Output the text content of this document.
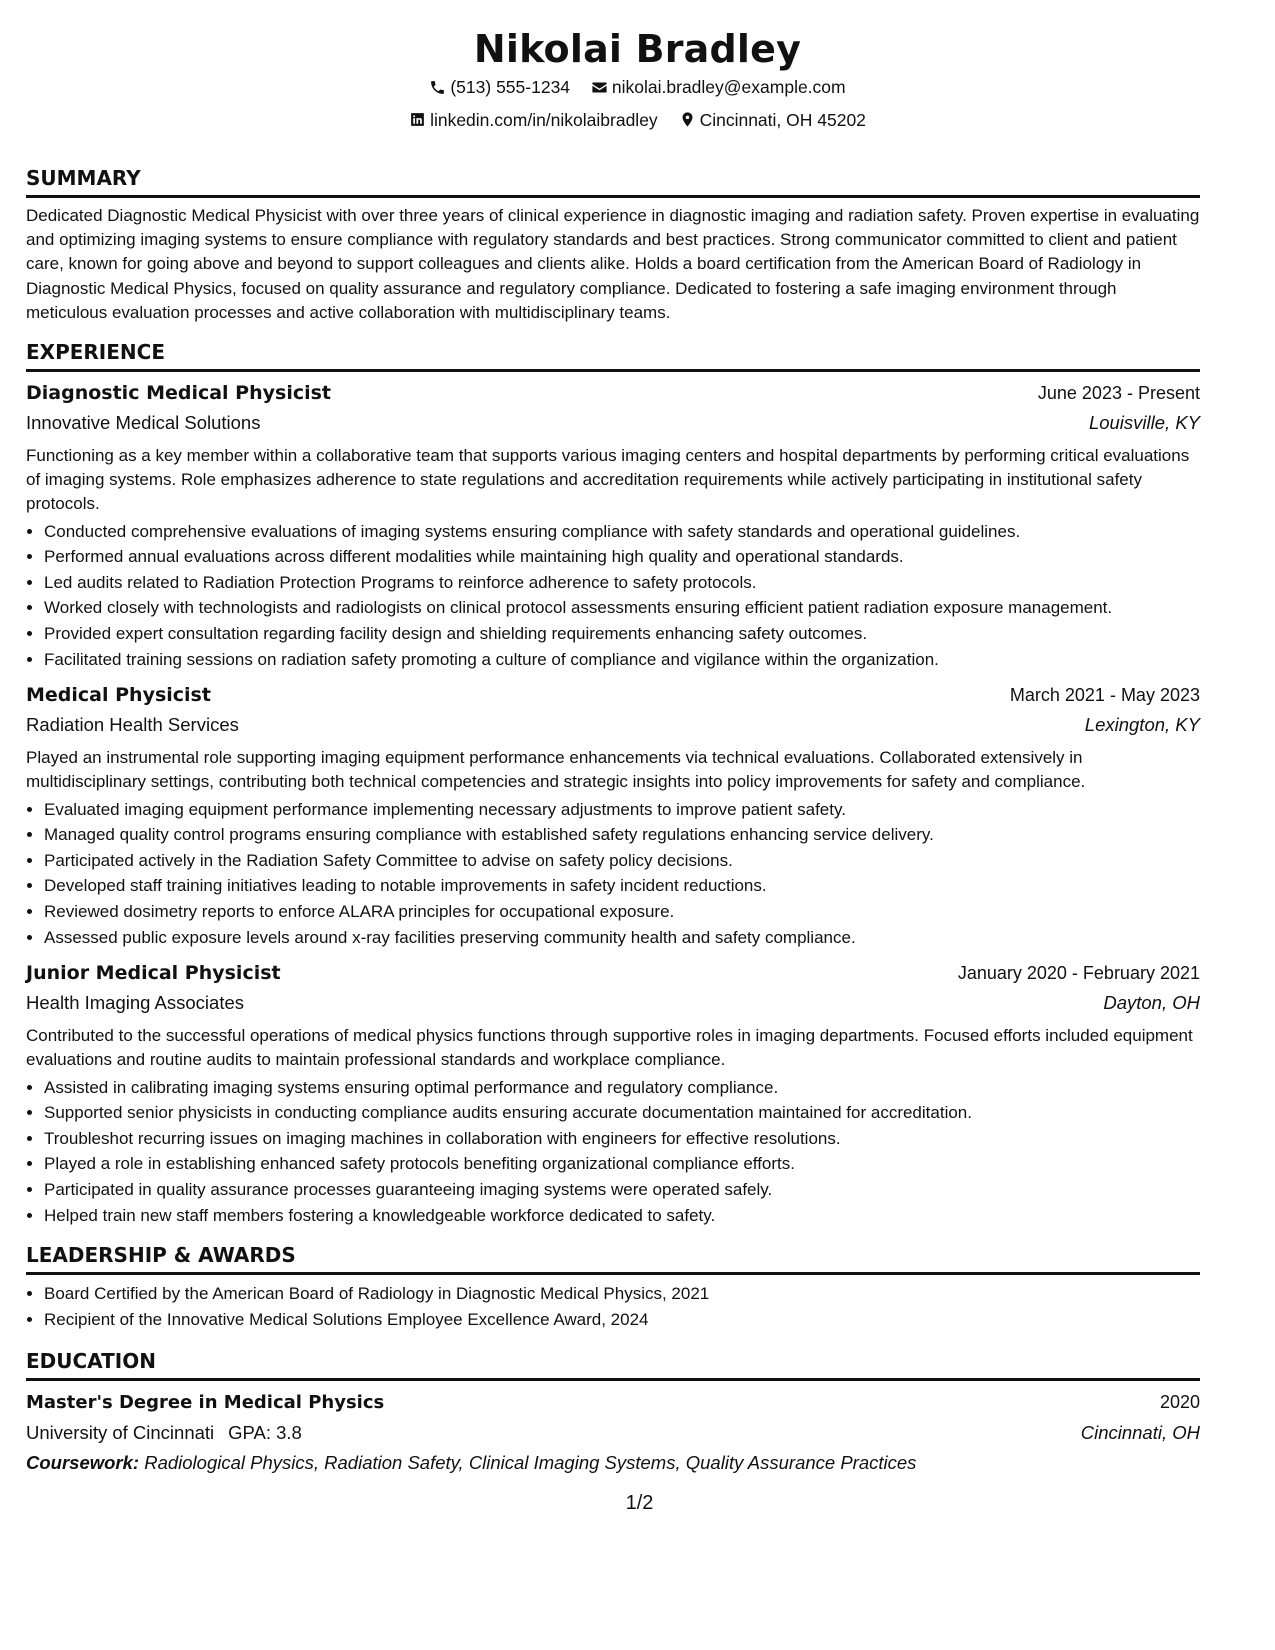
Nikolai Bradley
(513) 555-1234
nikolai.bradley@example.com
linkedin.com/in/nikolaibradley
Cincinnati, OH 45202
SUMMARY

Dedicated Diagnostic Medical Physicist with over three years of clinical experience in diagnostic imaging and radiation safety. Proven expertise in evaluating and optimizing imaging systems to ensure compliance with regulatory standards and best practices. Strong communicator committed to client and patient care, known for going above and beyond to support colleagues and clients alike. Holds a board certification from the American Board of Radiology in Diagnostic Medical Physics, focused on quality assurance and regulatory compliance. Dedicated to fostering a safe imaging environment through meticulous evaluation processes and active collaboration with multidisciplinary teams.

EXPERIENCE
Diagnostic Medical Physicist	June 2023 - Present
Innovative Medical Solutions	Louisville, KY

Functioning as a key member within a collaborative team that supports various imaging centers and hospital departments by performing critical evaluations of imaging systems. Role emphasizes adherence to state regulations and accreditation requirements while actively participating in institutional safety protocols.

• Conducted comprehensive evaluations of imaging systems ensuring compliance with safety standards and operational guidelines.
• Performed annual evaluations across different modalities while maintaining high quality and operational standards.
• Led audits related to Radiation Protection Programs to reinforce adherence to safety protocols.
• Worked closely with technologists and radiologists on clinical protocol assessments ensuring efficient patient radiation exposure management.
• Provided expert consultation regarding facility design and shielding requirements enhancing safety outcomes.
• Facilitated training sessions on radiation safety promoting a culture of compliance and vigilance within the organization.
Medical Physicist	March 2021 - May 2023
Radiation Health Services	Lexington, KY

Played an instrumental role supporting imaging equipment performance enhancements via technical evaluations. Collaborated extensively in multidisciplinary settings, contributing both technical competencies and strategic insights into policy improvements for safety and compliance.

• Evaluated imaging equipment performance implementing necessary adjustments to improve patient safety.
• Managed quality control programs ensuring compliance with established safety regulations enhancing service delivery.
• Participated actively in the Radiation Safety Committee to advise on safety policy decisions.
• Developed staff training initiatives leading to notable improvements in safety incident reductions.
• Reviewed dosimetry reports to enforce ALARA principles for occupational exposure.
• Assessed public exposure levels around x-ray facilities preserving community health and safety compliance.
Junior Medical Physicist	January 2020 - February 2021
Health Imaging Associates	Dayton, OH

Contributed to the successful operations of medical physics functions through supportive roles in imaging departments. Focused efforts included equipment evaluations and routine audits to maintain professional standards and workplace compliance.

• Assisted in calibrating imaging systems ensuring optimal performance and regulatory compliance.
• Supported senior physicists in conducting compliance audits ensuring accurate documentation maintained for accreditation.
• Troubleshot recurring issues on imaging machines in collaboration with engineers for effective resolutions.
• Played a role in establishing enhanced safety protocols benefiting organizational compliance efforts.
• Participated in quality assurance processes guaranteeing imaging systems were operated safely.
• Helped train new staff members fostering a knowledgeable workforce dedicated to safety.
LEADERSHIP & AWARDS
• Board Certified by the American Board of Radiology in Diagnostic Medical Physics, 2021
• Recipient of the Innovative Medical Solutions Employee Excellence Award, 2024
EDUCATION
Master's Degree in Medical Physics	2020
University of Cincinnati GPA: 3.8	Cincinnati, OH
Coursework: Radiological Physics, Radiation Safety, Clinical Imaging Systems, Quality Assurance Practices
1/2
